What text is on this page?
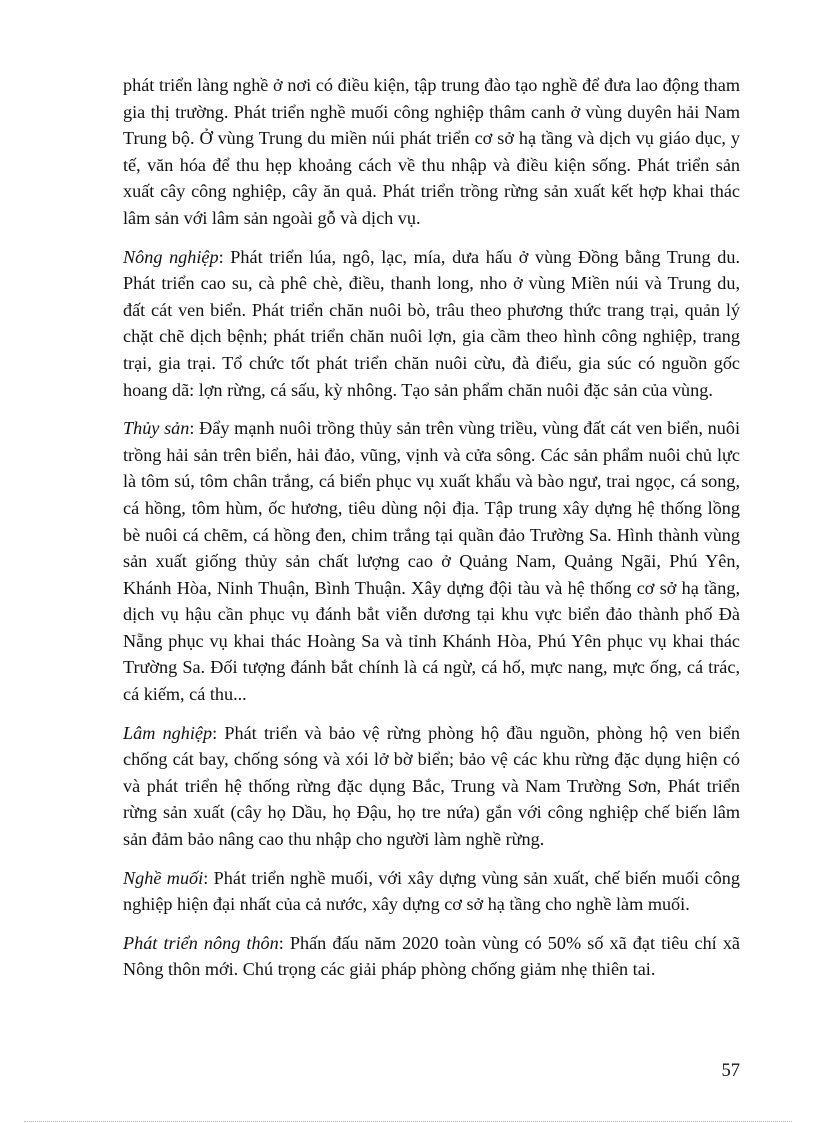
phát triển làng nghề ở nơi có điều kiện, tập trung đào tạo nghề để đưa lao động tham gia thị trường. Phát triển nghề muối công nghiệp thâm canh ở vùng duyên hải Nam Trung bộ. Ở vùng Trung du miền núi phát triển cơ sở hạ tầng và dịch vụ giáo dục, y tế, văn hóa để thu hẹp khoảng cách về thu nhập và điều kiện sống. Phát triển sản xuất cây công nghiệp, cây ăn quả. Phát triển trồng rừng sản xuất kết hợp khai thác lâm sản với lâm sản ngoài gỗ và dịch vụ.

Nông nghiệp: Phát triển lúa, ngô, lạc, mía, dưa hấu ở vùng Đồng bằng Trung du. Phát triển cao su, cà phê chè, điều, thanh long, nho ở vùng Miền núi và Trung du, đất cát ven biển. Phát triển chăn nuôi bò, trâu theo phương thức trang trại, quản lý chặt chẽ dịch bệnh; phát triển chăn nuôi lợn, gia cầm theo hình công nghiệp, trang trại, gia trại. Tổ chức tốt phát triển chăn nuôi cừu, đà điểu, gia súc có nguồn gốc hoang dã: lợn rừng, cá sấu, kỳ nhông. Tạo sản phẩm chăn nuôi đặc sản của vùng.

Thủy sản: Đẩy mạnh nuôi trồng thủy sản trên vùng triều, vùng đất cát ven biển, nuôi trồng hải sản trên biển, hải đảo, vũng, vịnh và cửa sông. Các sản phẩm nuôi chủ lực là tôm sú, tôm chân trắng, cá biển phục vụ xuất khẩu và bào ngư, trai ngọc, cá song, cá hồng, tôm hùm, ốc hương, tiêu dùng nội địa. Tập trung xây dựng hệ thống lồng bè nuôi cá chẽm, cá hồng đen, chim trắng tại quần đảo Trường Sa. Hình thành vùng sản xuất giống thủy sản chất lượng cao ở Quảng Nam, Quảng Ngãi, Phú Yên, Khánh Hòa, Ninh Thuận, Bình Thuận. Xây dựng đội tàu và hệ thống cơ sở hạ tầng, dịch vụ hậu cần phục vụ đánh bắt viễn dương tại khu vực biển đảo thành phố Đà Nẵng phục vụ khai thác Hoàng Sa và tỉnh Khánh Hòa, Phú Yên phục vụ khai thác Trường Sa. Đối tượng đánh bắt chính là cá ngừ, cá hố, mực nang, mực ống, cá trác, cá kiếm, cá thu...

Lâm nghiệp: Phát triển và bảo vệ rừng phòng hộ đầu nguồn, phòng hộ ven biển chống cát bay, chống sóng và xói lở bờ biển; bảo vệ các khu rừng đặc dụng hiện có và phát triển hệ thống rừng đặc dụng Bắc, Trung và Nam Trường Sơn, Phát triển rừng sản xuất (cây họ Dầu, họ Đậu, họ tre nứa) gắn với công nghiệp chế biến lâm sản đảm bảo nâng cao thu nhập cho người làm nghề rừng.

Nghề muối: Phát triển nghề muối, với xây dựng vùng sản xuất, chế biến muối công nghiệp hiện đại nhất của cả nước, xây dựng cơ sở hạ tầng cho nghề làm muối.

Phát triển nông thôn: Phấn đấu năm 2020 toàn vùng có 50% số xã đạt tiêu chí xã Nông thôn mới. Chú trọng các giải pháp phòng chống giảm nhẹ thiên tai.

57
